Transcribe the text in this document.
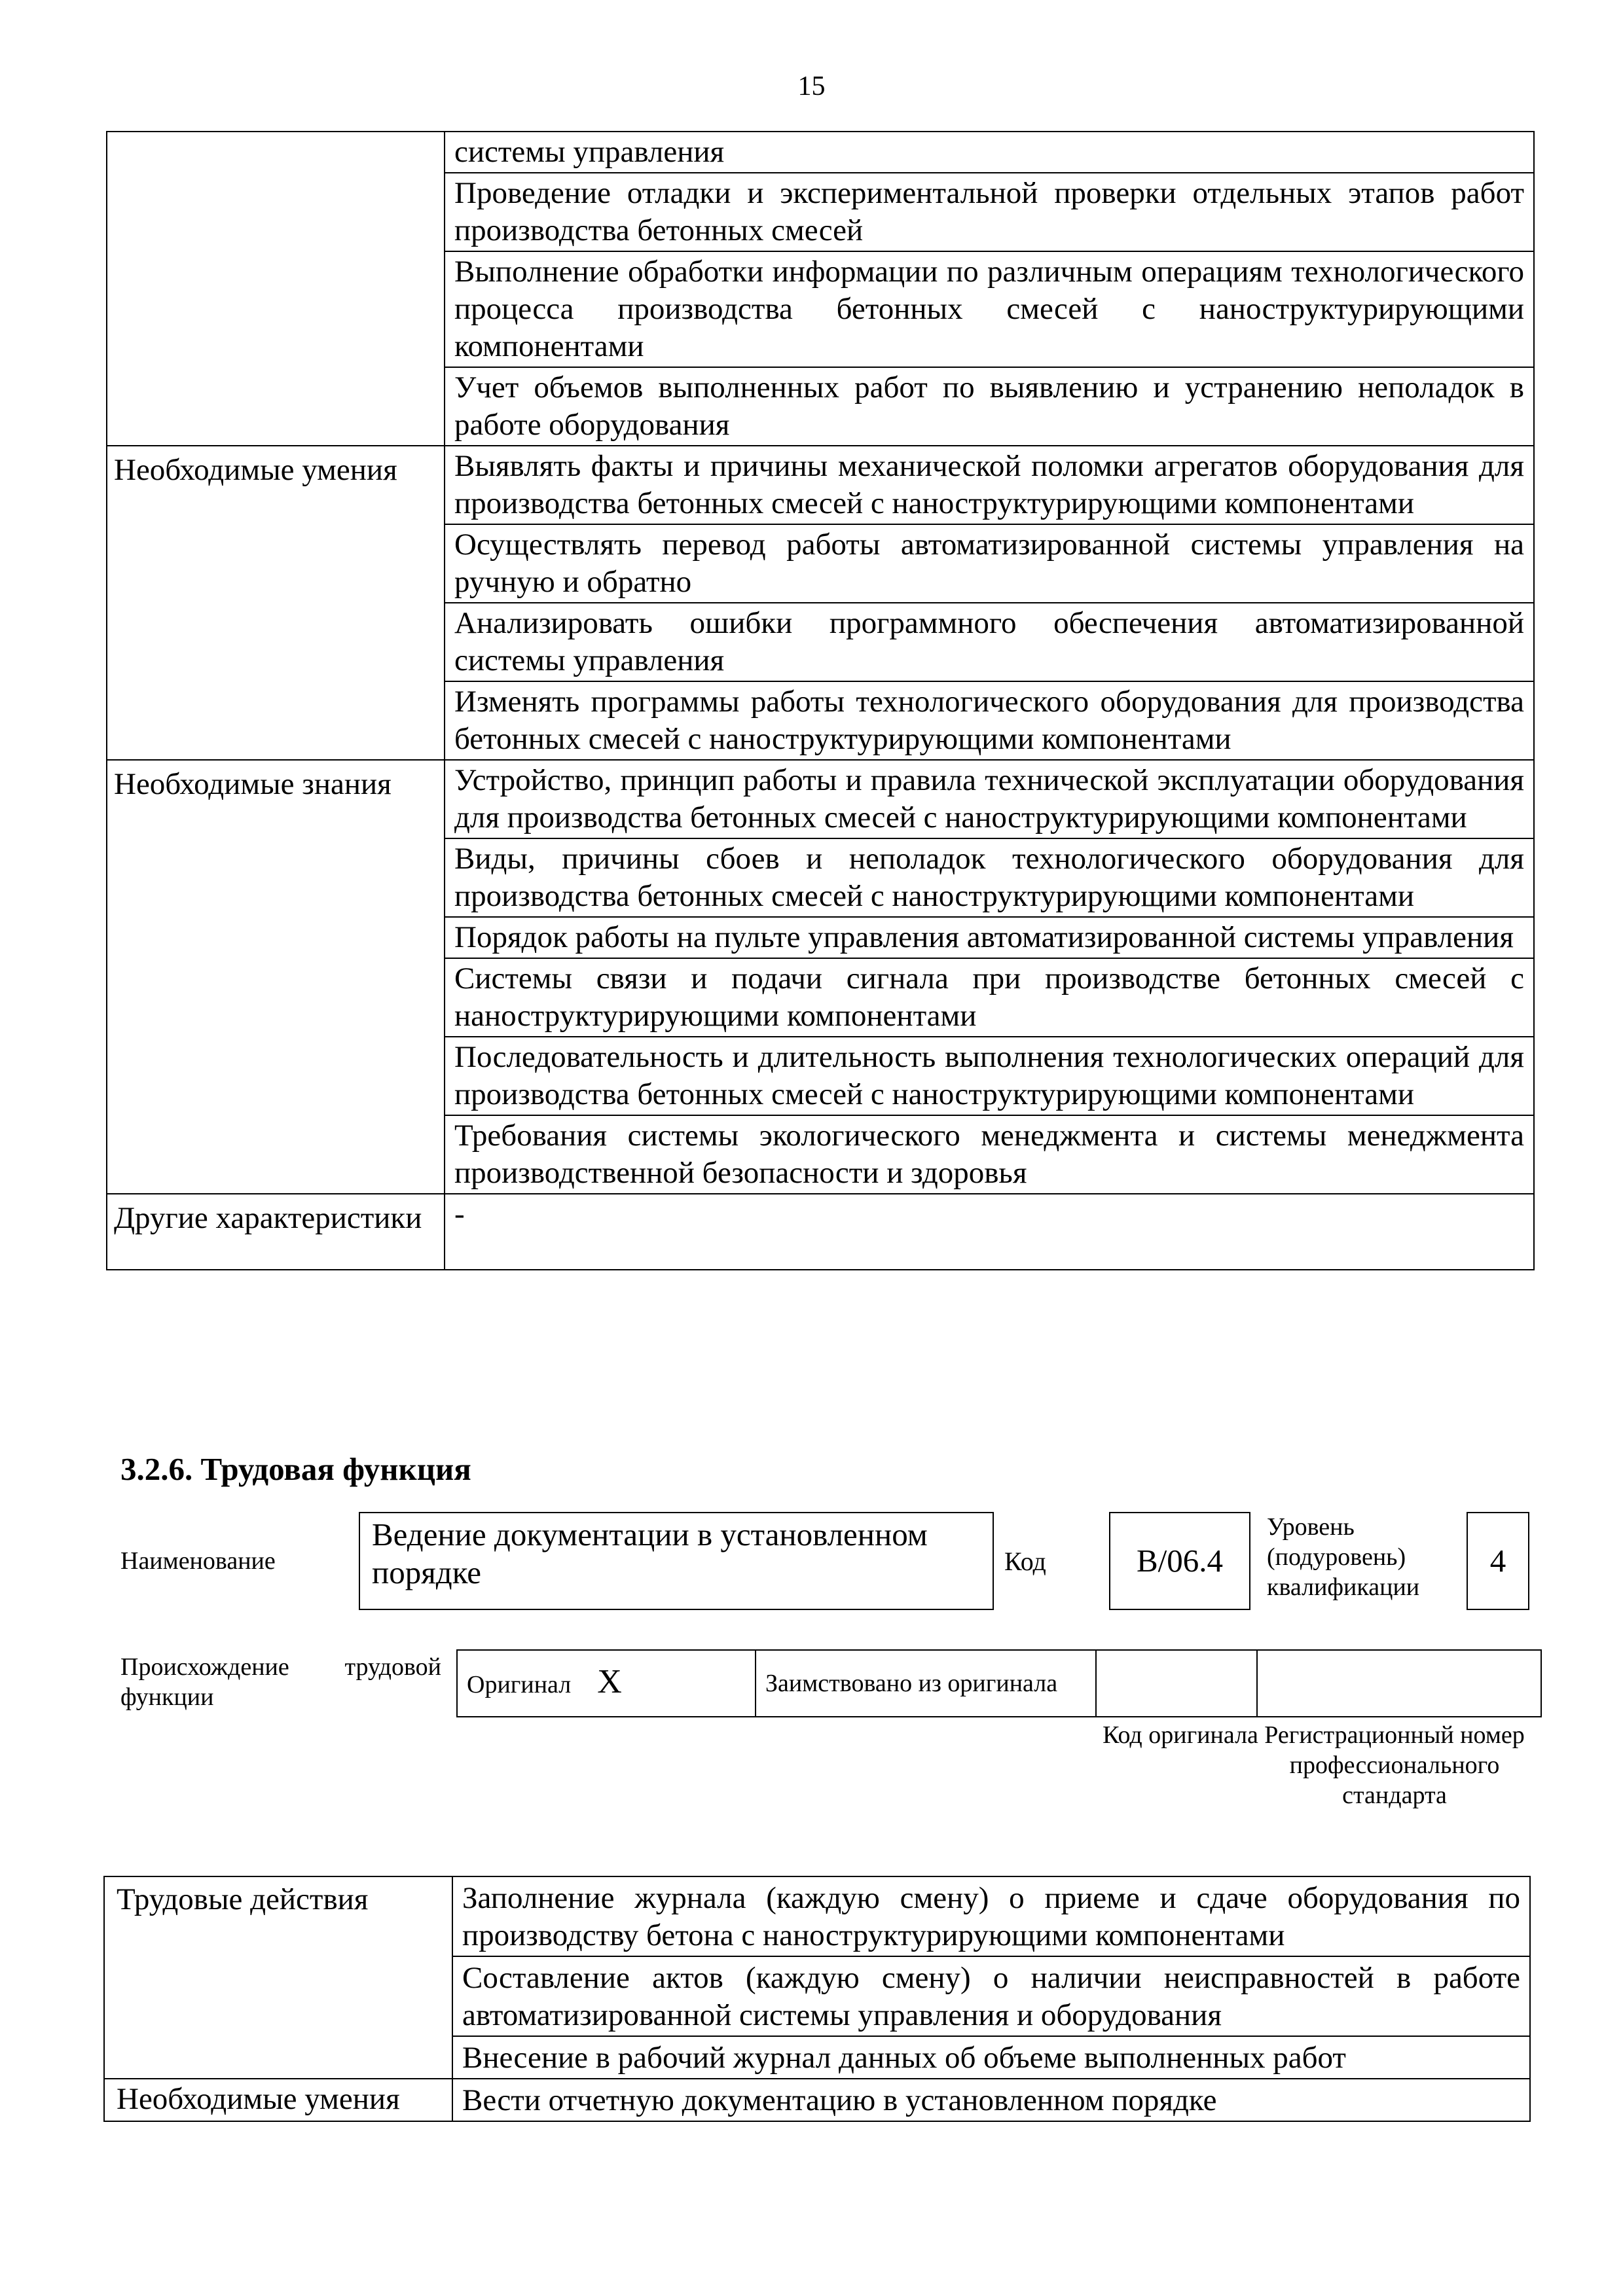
15
	системы управления
	Проведение отладки и экспериментальной проверки отдельных этапов работ производства бетонных смесей
	Выполнение обработки информации по различным операциям технологического процесса производства бетонных смесей с наноструктурирующими компонентами
	Учет объемов выполненных работ по выявлению и устранению неполадок в работе оборудования
Необходимые умения	Выявлять факты и причины механической поломки агрегатов оборудования для производства бетонных смесей с наноструктурирующими компонентами
	Осуществлять перевод работы автоматизированной системы управления на ручную и обратно
	Анализировать ошибки программного обеспечения автоматизированной системы управления
	Изменять программы работы технологического оборудования для производства бетонных смесей с наноструктурирующими компонентами
Необходимые знания	Устройство, принцип работы и правила технической эксплуатации оборудования для производства бетонных смесей с наноструктурирующими компонентами
	Виды, причины сбоев и неполадок технологического оборудования для производства бетонных смесей с наноструктурирующими компонентами
	Порядок работы на пульте управления автоматизированной системы управления
	Системы связи и подачи сигнала при производстве бетонных смесей с наноструктурирующими компонентами
	Последовательность и длительность выполнения технологических операций для производства бетонных смесей с наноструктурирующими компонентами
	Требования системы экологического менеджмента и системы менеджмента производственной безопасности и здоровья
Другие характеристики	-
3.2.6. Трудовая функция
Наименование
Ведение документации в установленном порядке	Код	B/06.4
Уровень (подуровень) квалификации
4
Происхождение трудовой функции	Оригинал X	Заимствовано из оригинала		
Код оригинала Регистрационный номер профессионального стандарта
Трудовые действия	Заполнение журнала (каждую смену) о приеме и сдаче оборудования по производству бетона с наноструктурирующими компонентами
	Составление актов (каждую смену) о наличии неисправностей в работе автоматизированной системы управления и оборудования
	Внесение в рабочий журнал данных об объеме выполненных работ
Необходимые умения	Вести отчетную документацию в установленном порядке
